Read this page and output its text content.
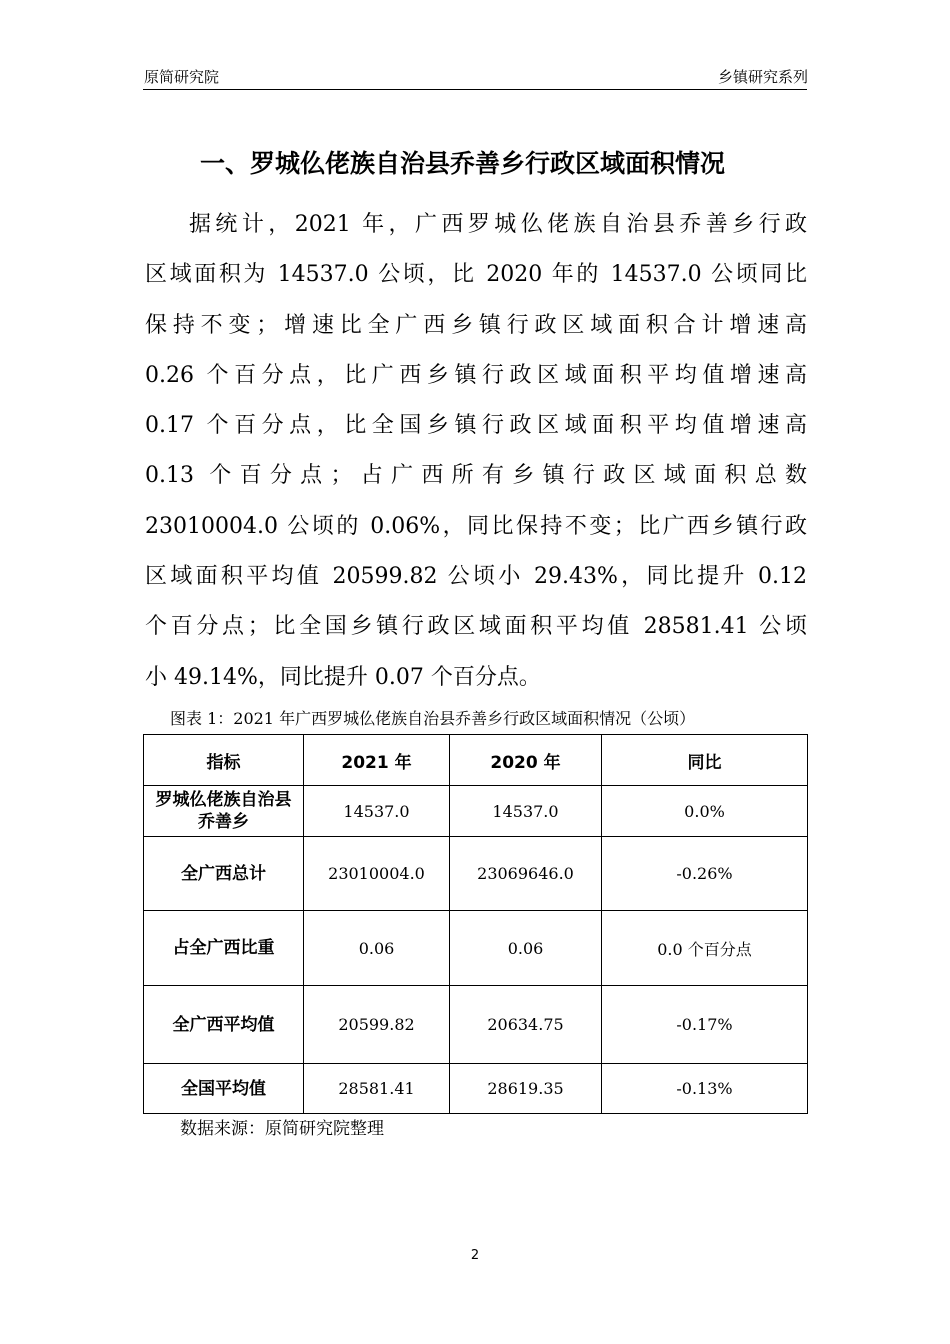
原简研究院	乡镇研究系列
一、罗城仫佬族自治县乔善乡行政区域面积情况
据统计，2021 年，广西罗城仫佬族自治县乔善乡行政
区域面积为 14537.0 公顷，比 2020 年的 14537.0 公顷同比
保持不变；增速比全广西乡镇行政区域面积合计增速高
0.26 个百分点，比广西乡镇行政区域面积平均值增速高
0.17 个百分点，比全国乡镇行政区域面积平均值增速高
0.13 个百分点；占广西所有乡镇行政区域面积总数
23010004.0 公顷的 0.06%，同比保持不变；比广西乡镇行政
区域面积平均值 20599.82 公顷小 29.43%，同比提升 0.12
个百分点；比全国乡镇行政区域面积平均值 28581.41 公顷
小 49.14%，同比提升 0.07 个百分点。
图表 1：2021 年广西罗城仫佬族自治县乔善乡行政区域面积情况（公顷）
指标	2021 年	2020 年	同比
罗城仫佬族自治县乔善乡	14537.0	14537.0	0.0%
全广西总计	23010004.0	23069646.0	-0.26%
占全广西比重	0.06	0.06	0.0 个百分点
全广西平均值	20599.82	20634.75	-0.17%
全国平均值	28581.41	28619.35	-0.13%
数据来源：原简研究院整理
2
